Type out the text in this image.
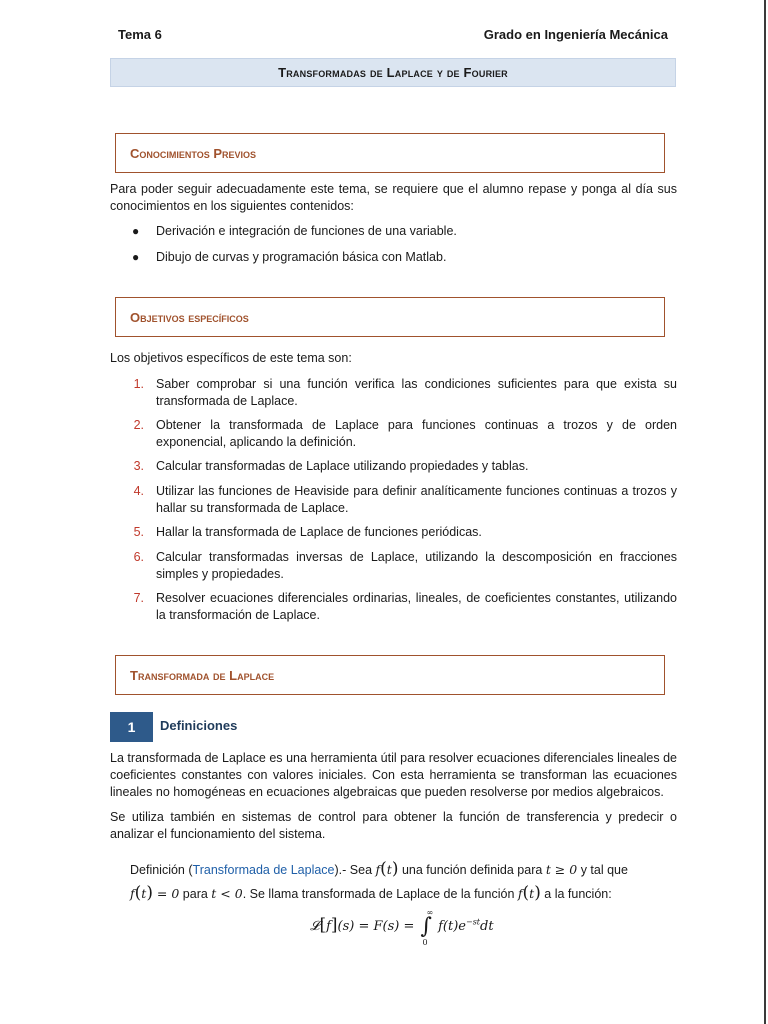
Tema 6	Grado en Ingeniería Mecánica
Transformadas de Laplace y de Fourier
Conocimientos Previos
Para poder seguir adecuadamente este tema, se requiere que el alumno repase y ponga al día sus conocimientos en los siguientes contenidos:
● Derivación e integración de funciones de una variable.
● Dibujo de curvas y programación básica con Matlab.
Objetivos específicos
Los objetivos específicos de este tema son:
1. Saber comprobar si una función verifica las condiciones suficientes para que exista su transformada de Laplace.
2. Obtener la transformada de Laplace para funciones continuas a trozos y de orden exponencial, aplicando la definición.
3. Calcular transformadas de Laplace utilizando propiedades y tablas.
4. Utilizar las funciones de Heaviside para definir analíticamente funciones continuas a trozos y hallar su transformada de Laplace.
5. Hallar la transformada de Laplace de funciones periódicas.
6. Calcular transformadas inversas de Laplace, utilizando la descomposición en fracciones simples y propiedades.
7. Resolver ecuaciones diferenciales ordinarias, lineales, de coeficientes constantes, utilizando la transformación de Laplace.
Transformada de Laplace
1	Definiciones
La transformada de Laplace es una herramienta útil para resolver ecuaciones diferenciales lineales de coeficientes constantes con valores iniciales. Con esta herramienta se transforman las ecuaciones lineales no homogéneas en ecuaciones algebraicas que pueden resolverse por medios algebraicos.
Se utiliza también en sistemas de control para obtener la función de transferencia y predecir o analizar el funcionamiento del sistema.
Definición (Transformada de Laplace).- Sea f(t) una función definida para t ≥ 0 y tal que
f(t) = 0 para t < 0. Se llama transformada de Laplace de la función f(t) a la función:
𝓛[f](s) = F(s) = ∫
∞
0
$f(t)e^{-st}dt$
